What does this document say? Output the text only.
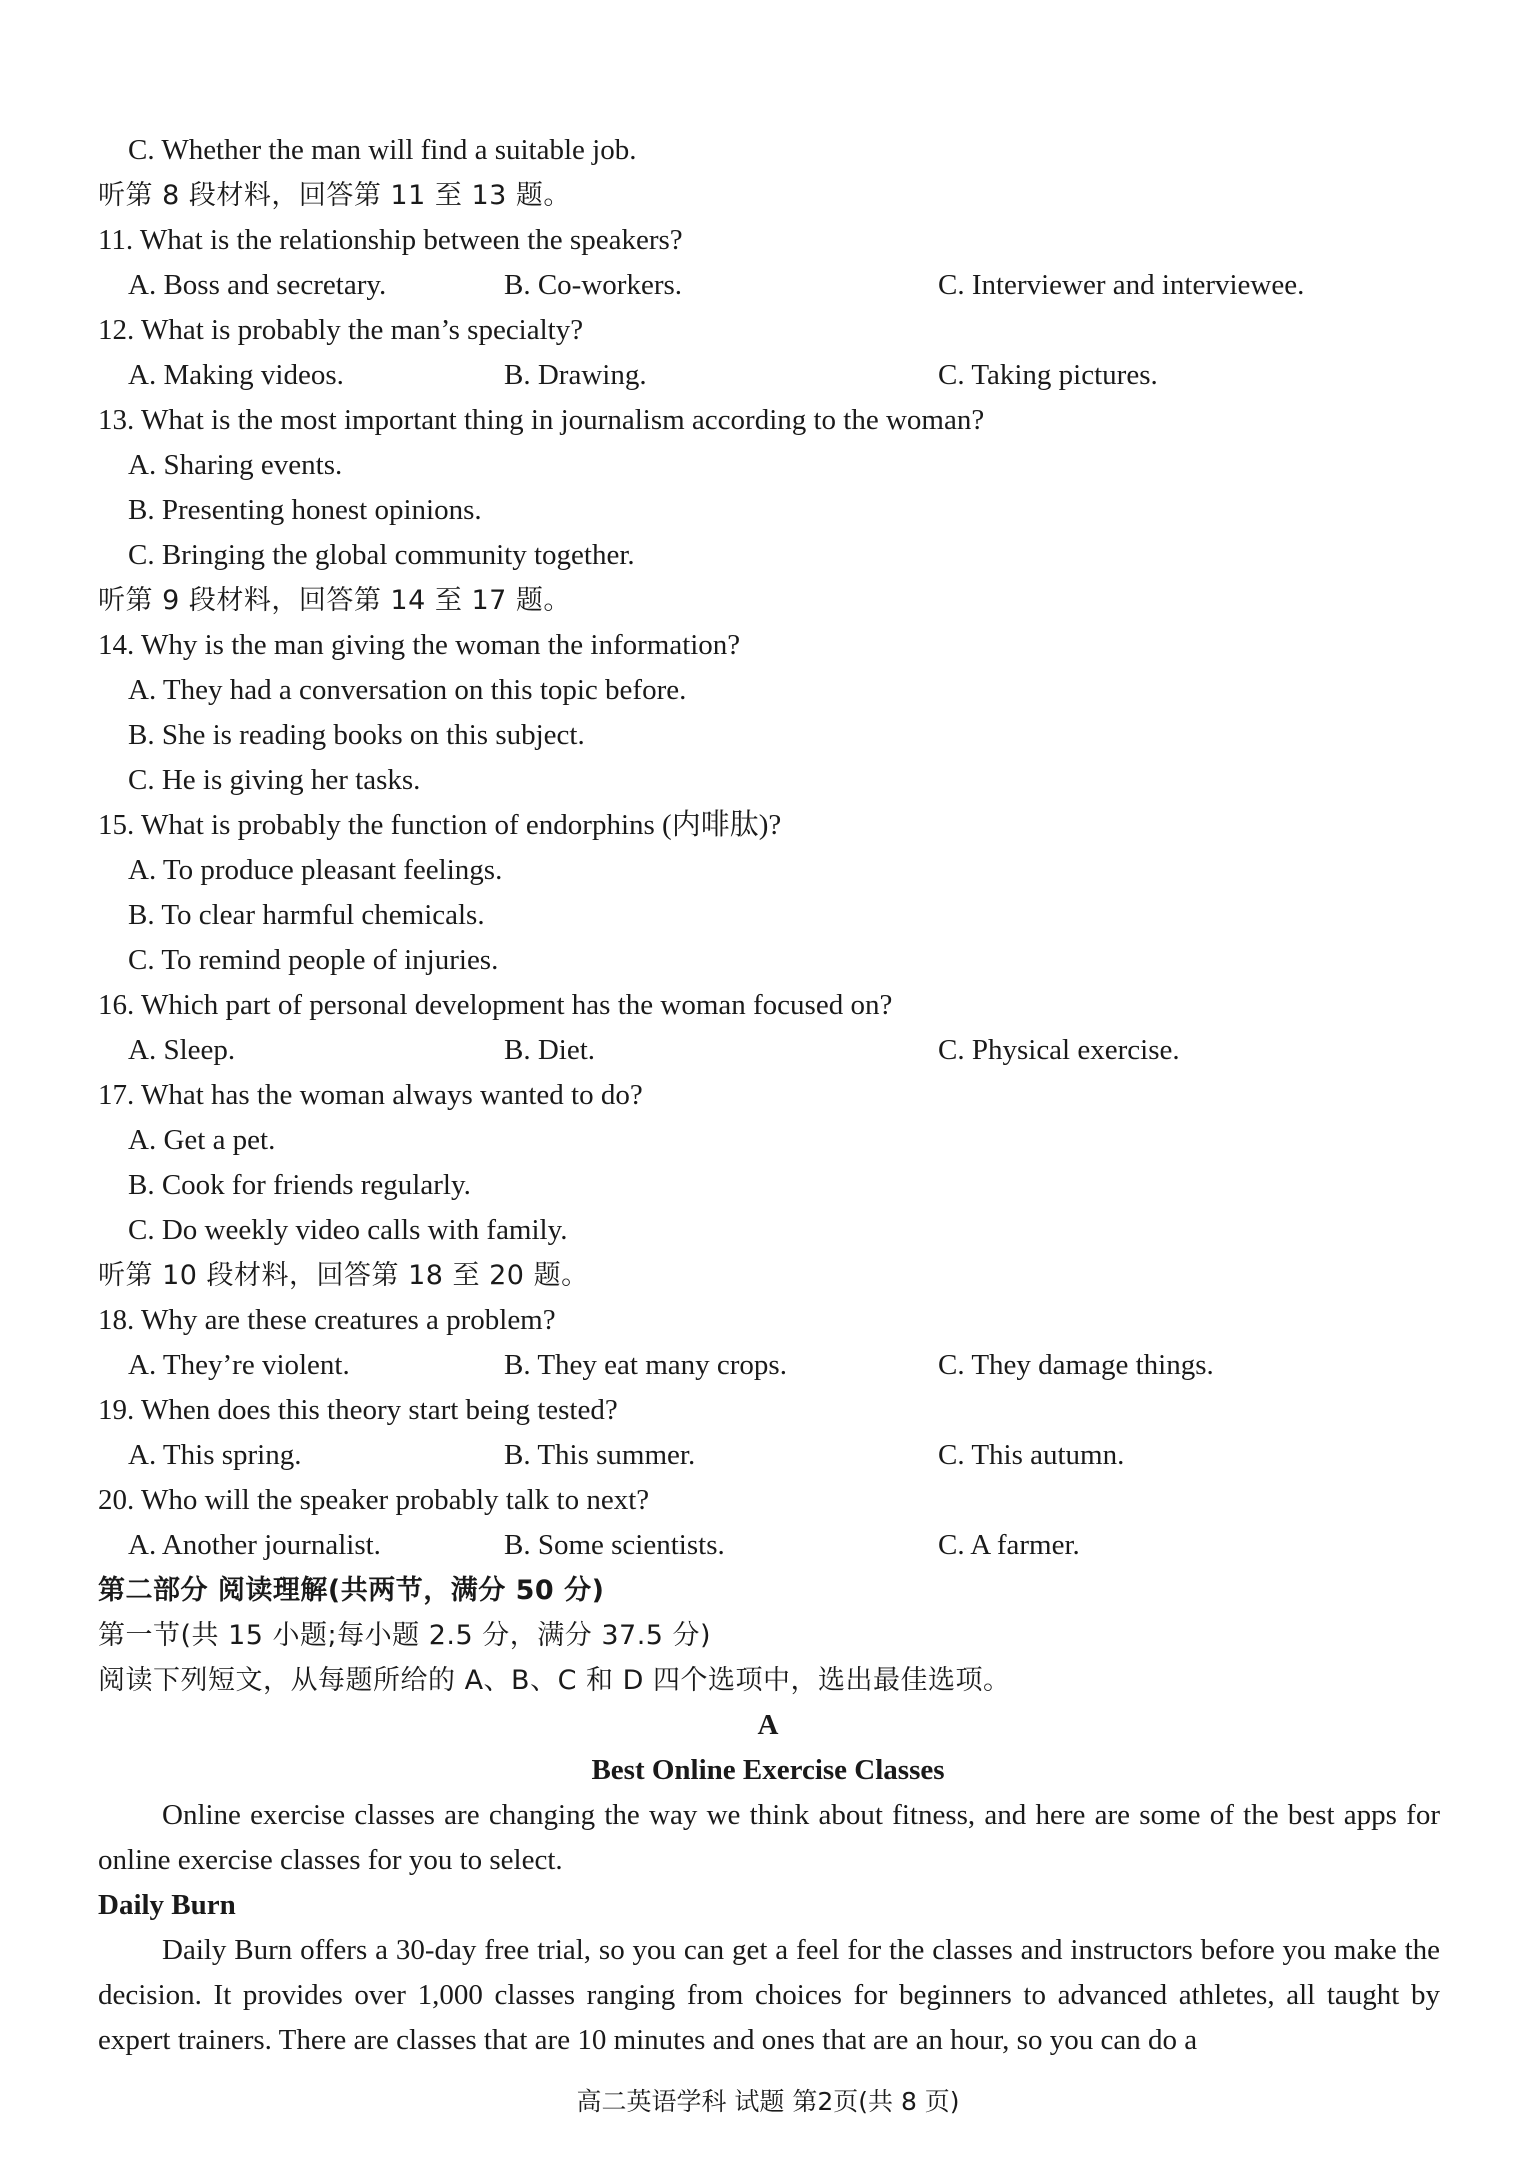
C. Whether the man will find a suitable job.
听第 8 段材料，回答第 11 至 13 题。
11. What is the relationship between the speakers?
A. Boss and secretary.	B. Co-workers.	C. Interviewer and interviewee.
12. What is probably the man’s specialty?
A. Making videos.	B. Drawing.	C. Taking pictures.
13. What is the most important thing in journalism according to the woman?
A. Sharing events.
B. Presenting honest opinions.
C. Bringing the global community together.
听第 9 段材料，回答第 14 至 17 题。
14. Why is the man giving the woman the information?
A. They had a conversation on this topic before.
B. She is reading books on this subject.
C. He is giving her tasks.
15. What is probably the function of endorphins (内啡肽)?
A. To produce pleasant feelings.
B. To clear harmful chemicals.
C. To remind people of injuries.
16. Which part of personal development has the woman focused on?
A. Sleep.	B. Diet.	C. Physical exercise.
17. What has the woman always wanted to do?
A. Get a pet.
B. Cook for friends regularly.
C. Do weekly video calls with family.
听第 10 段材料，回答第 18 至 20 题。
18. Why are these creatures a problem?
A. They’re violent.	B. They eat many crops.	C. They damage things.
19. When does this theory start being tested?
A. This spring.	B. This summer.	C. This autumn.
20. Who will the speaker probably talk to next?
A. Another journalist.	B. Some scientists.	C. A farmer.
第二部分 阅读理解(共两节，满分 50 分)
第一节(共 15 小题;每小题 2.5 分，满分 37.5 分)
阅读下列短文，从每题所给的 A、B、C 和 D 四个选项中，选出最佳选项。
A
Best Online Exercise Classes
Online exercise classes are changing the way we think about fitness, and here are some of the best apps for online exercise classes for you to select.
Daily Burn
Daily Burn offers a 30-day free trial, so you can get a feel for the classes and instructors before you make the decision. It provides over 1,000 classes ranging from choices for beginners to advanced athletes, all taught by expert trainers. There are classes that are 10 minutes and ones that are an hour, so you can do a
高二英语学科 试题 第2页(共 8 页)
